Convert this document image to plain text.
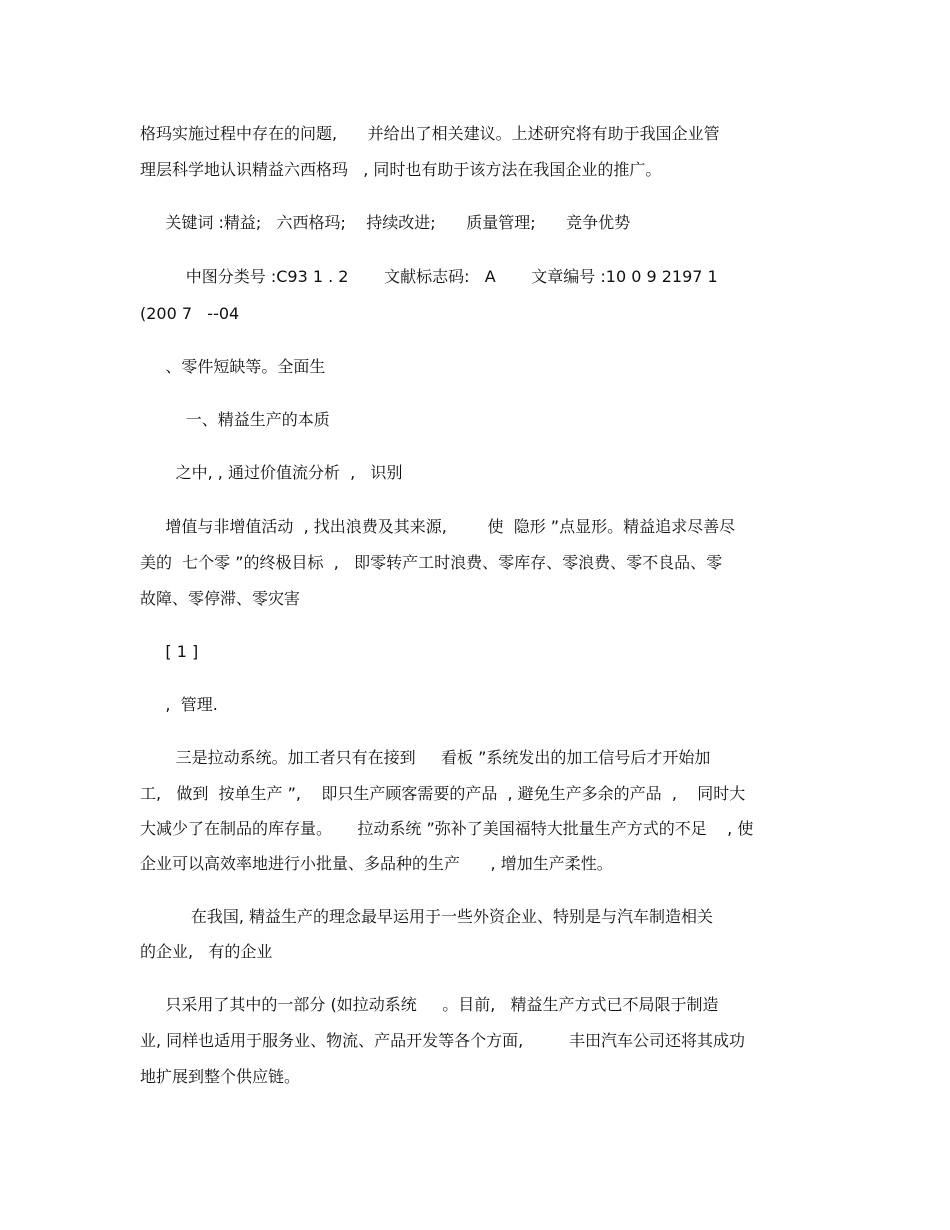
格玛实施过程中存在的问题,      并给出了相关建议。上述研究将有助于我国企业管
理层科学地认识精益六西格玛   , 同时也有助于该方法在我国企业的推广。
关键词 :精益;   六西格玛;    持续改进;      质量管理;      竞争优势
中图分类号 :C93 1 . 2       文献标志码:   A       文章编号 :10 0 9 2197 1
(200 7   --04
、零件短缺等。全面生
一、精益生产的本质
之中, , 通过价值流分析  ,   识别
增值与非增值活动  , 找出浪费及其来源,        使  隐形 ”点显形。精益追求尽善尽
美的  七个零 ”的终极目标  ,   即零转产工时浪费、零库存、零浪费、零不良品、零
故障、零停滞、零灾害
[ 1 ]
,  管理.
三是拉动系统。加工者只有在接到     看板 ”系统发出的加工信号后才开始加
工,   做到  按单生产 ”,    即只生产顾客需要的产品  , 避免生产多余的产品  ,    同时大
大减少了在制品的库存量。     拉动系统 ”弥补了美国福特大批量生产方式的不足    , 使
企业可以高效率地进行小批量、多品种的生产      , 增加生产柔性。
在我国, 精益生产的理念最早运用于一些外资企业、特别是与汽车制造相关
的企业,   有的企业
只采用了其中的一部分 (如拉动系统     。目前,   精益生产方式已不局限于制造
业, 同样也适用于服务业、物流、产品开发等各个方面,         丰田汽车公司还将其成功
地扩展到整个供应链。
